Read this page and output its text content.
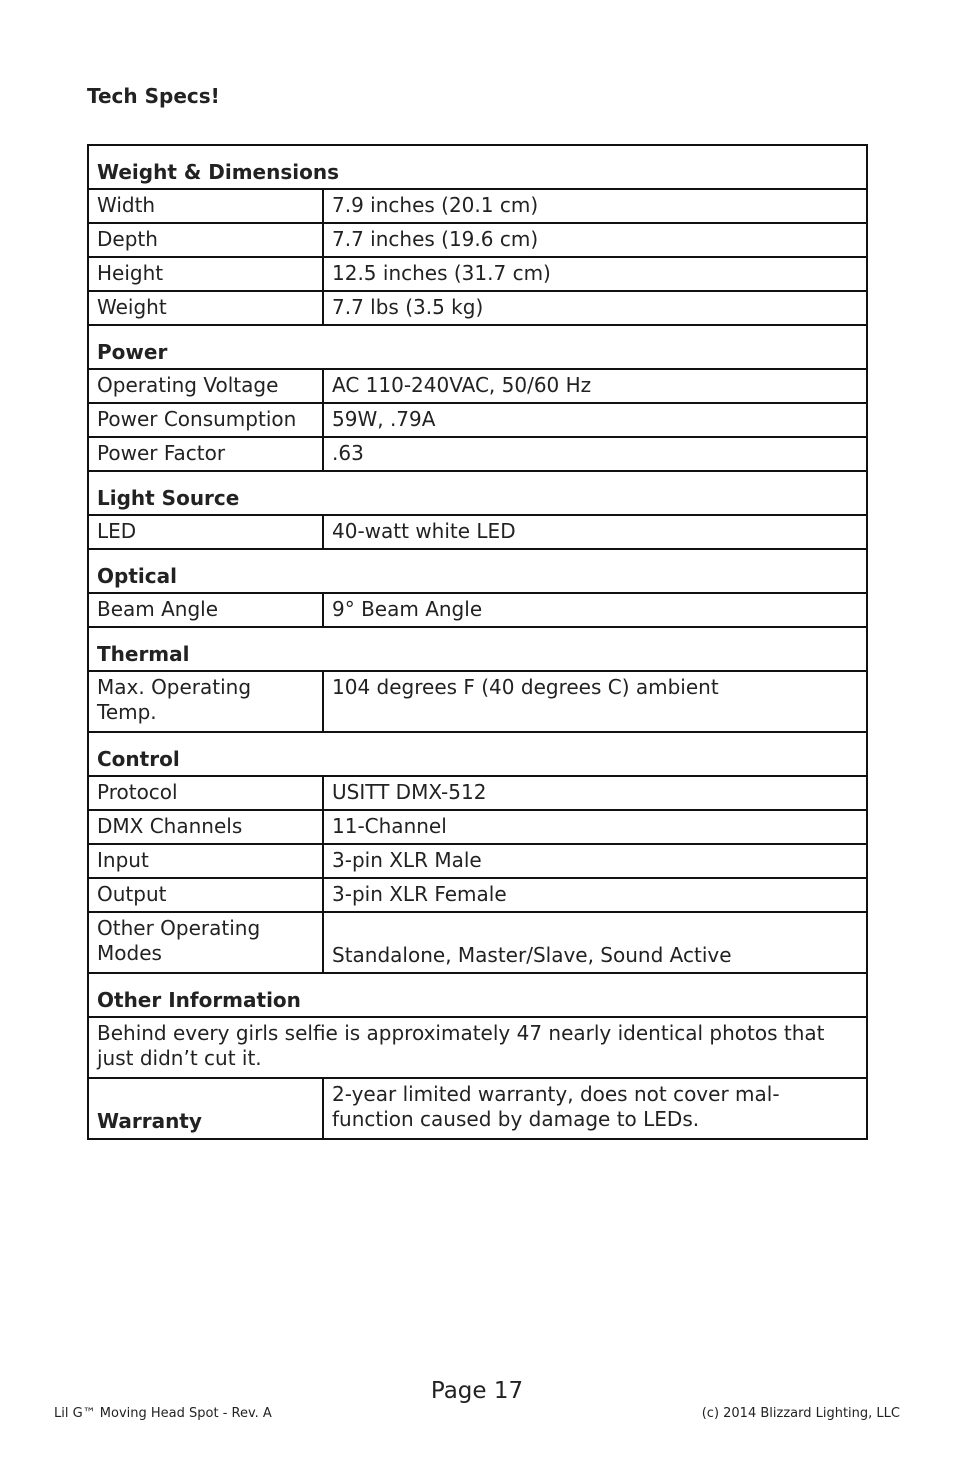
Tech Specs!
Weight & Dimensions	
Width	7.9 inches (20.1 cm)
Depth	7.7 inches (19.6 cm)
Height	12.5 inches (31.7 cm)
Weight	7.7 lbs (3.5 kg)
Power	
Operating Voltage	AC 110-240VAC, 50/60 Hz
Power Consumption	59W, .79A
Power Factor	.63
Light Source	
LED	40-watt white LED
Optical	
Beam Angle	9° Beam Angle
Thermal	
Max. Operating Temp.	104 degrees F (40 degrees C) ambient
Control	
Protocol	USITT DMX-512
DMX Channels	11-Channel
Input	3-pin XLR Male
Output	3-pin XLR Female
Other Operating Modes	Standalone, Master/Slave, Sound Active
Other Information	
Behind every girls selfie is approximately 47 nearly identical photos that just didn’t cut it.	
Warranty	2-year limited warranty, does not cover mal-function caused by damage to LEDs.
Page 17
Lil G™ Moving Head Spot - Rev. A	(c) 2014 Blizzard Lighting, LLC
